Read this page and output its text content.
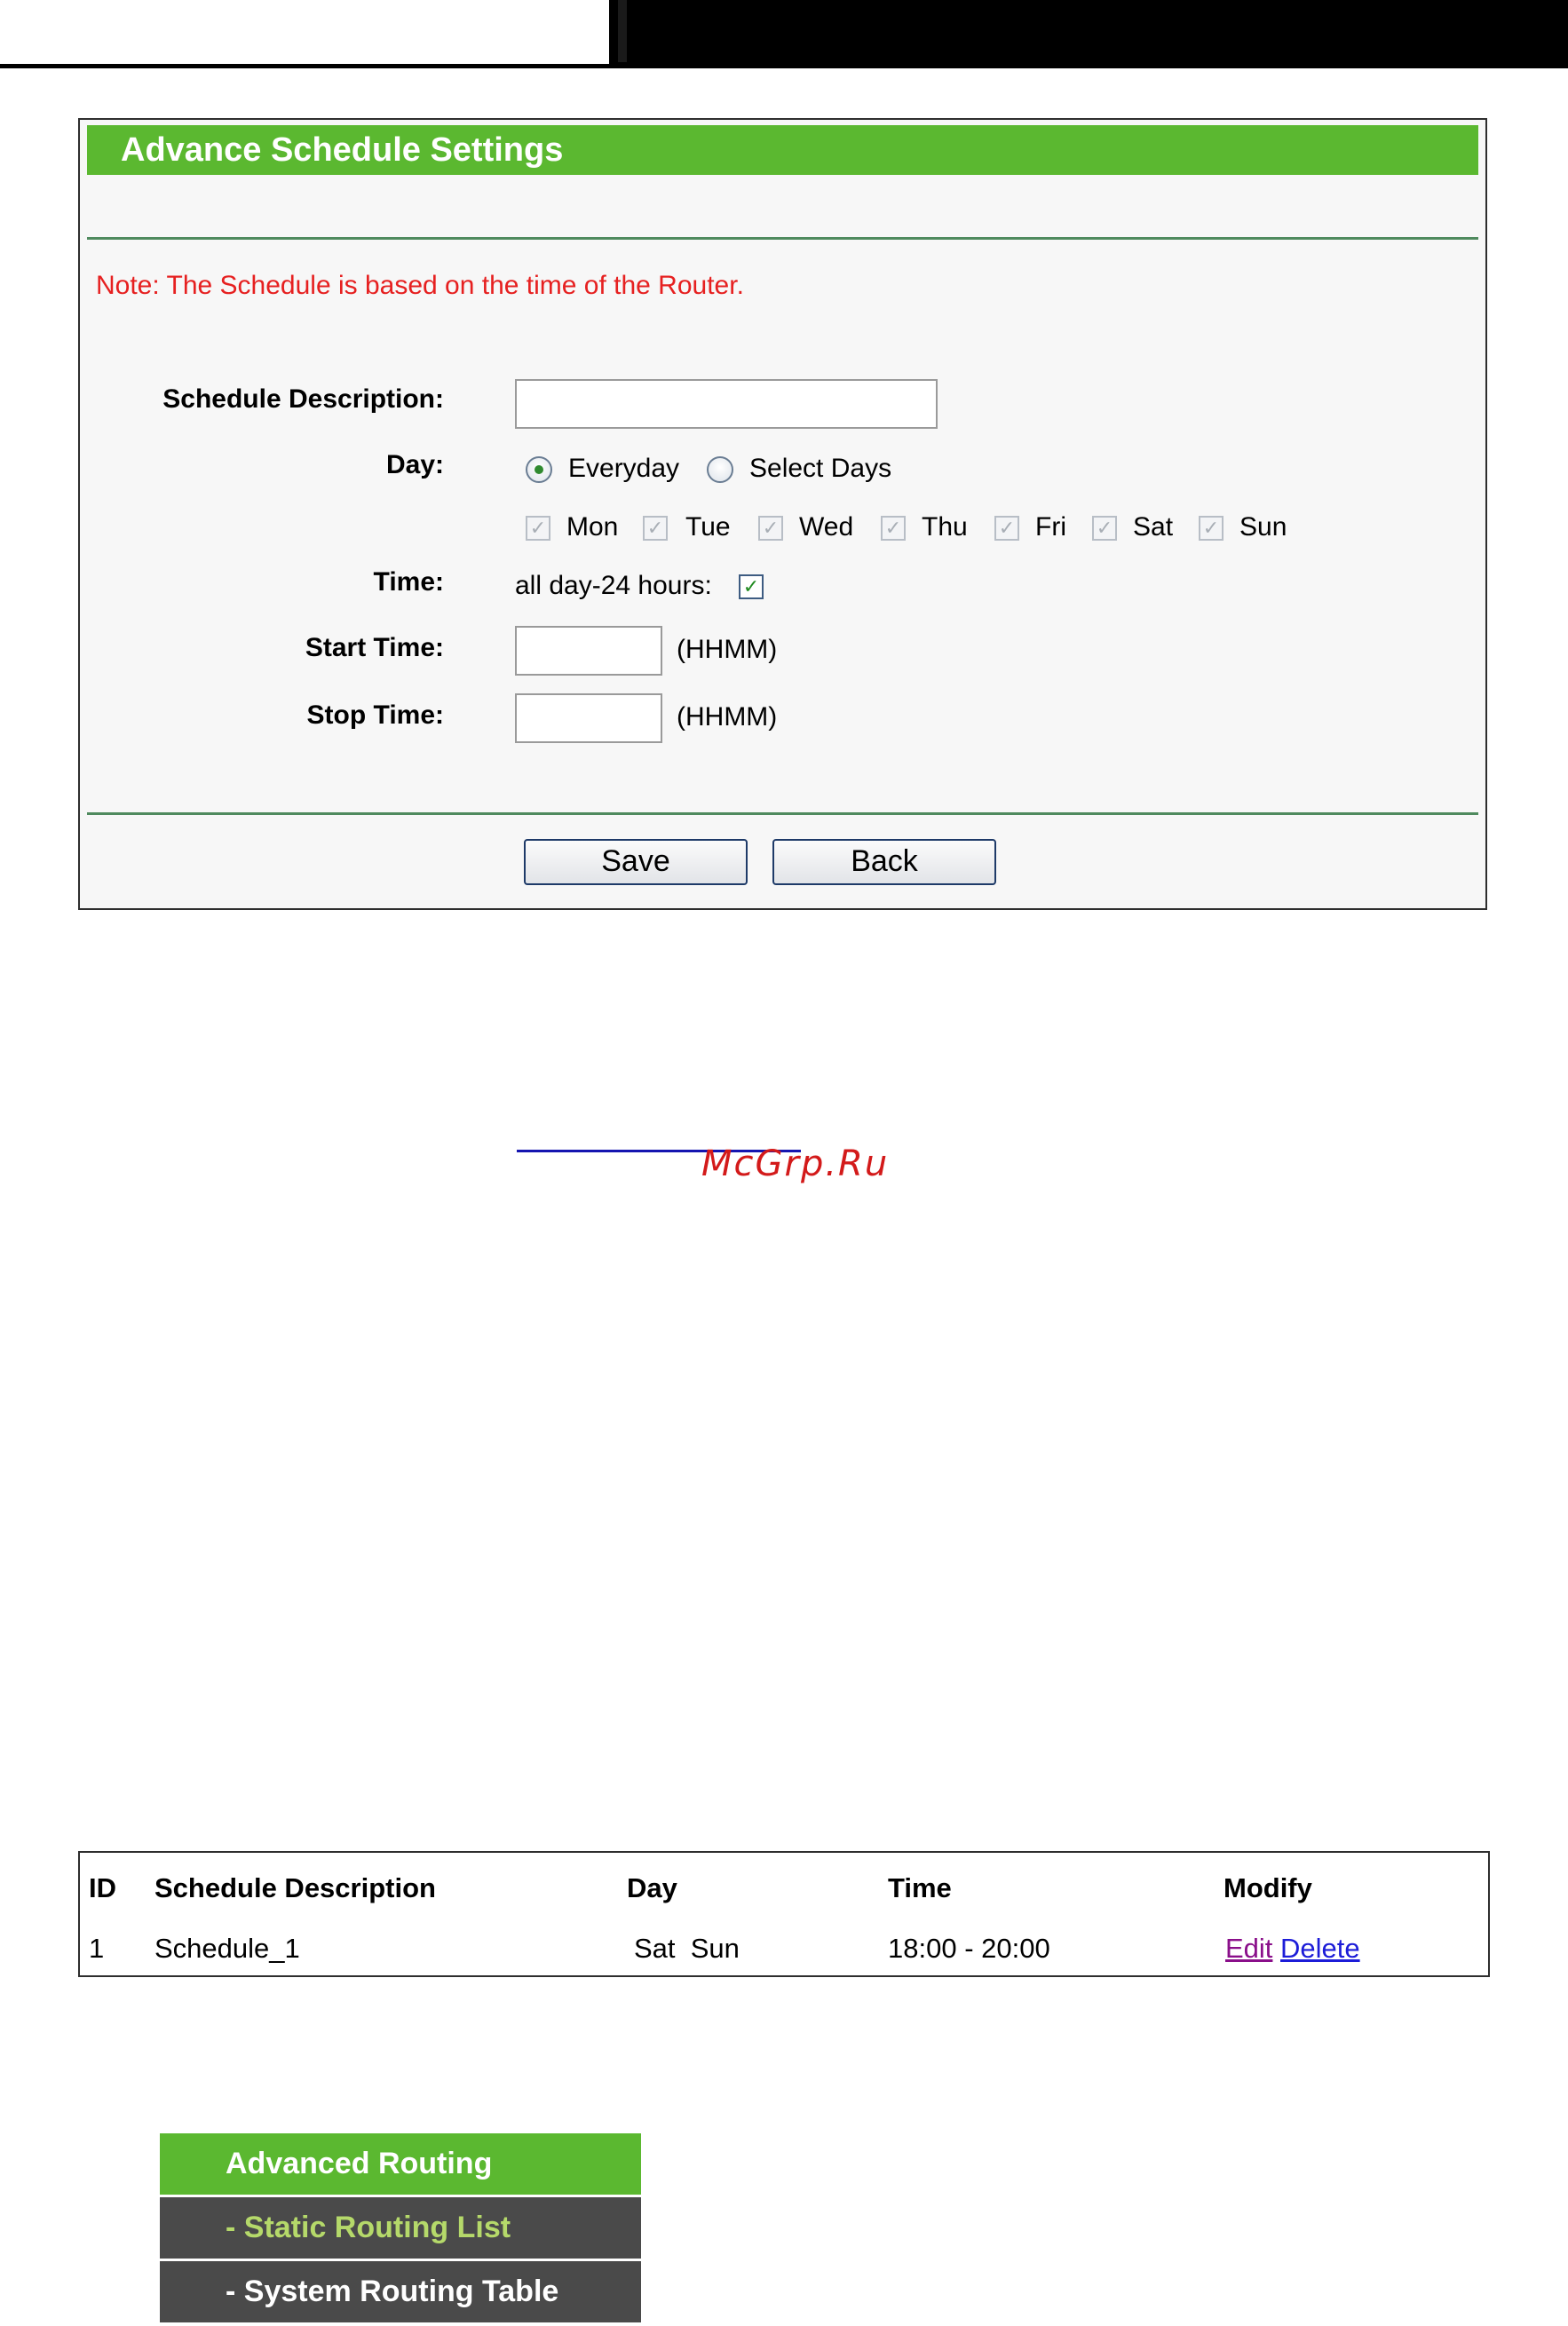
Advance Schedule Settings
Note: The Schedule is based on the time of the Router.
Schedule Description:
Day:	Everyday	Select Days
✓ Mon ✓ Tue ✓ Wed ✓ Thu ✓ Fri ✓ Sat ✓ Sun
Time:	all day-24 hours: ✓
Start Time:	(HHMM)
Stop Time:	(HHMM)
Save	Back
McGrp.Ru
ID Schedule Description	Day	Time	Modify
1 Schedule_1	Sat  Sun	18:00 - 20:00	Edit Delete
Advanced Routing
- Static Routing List
- System Routing Table
